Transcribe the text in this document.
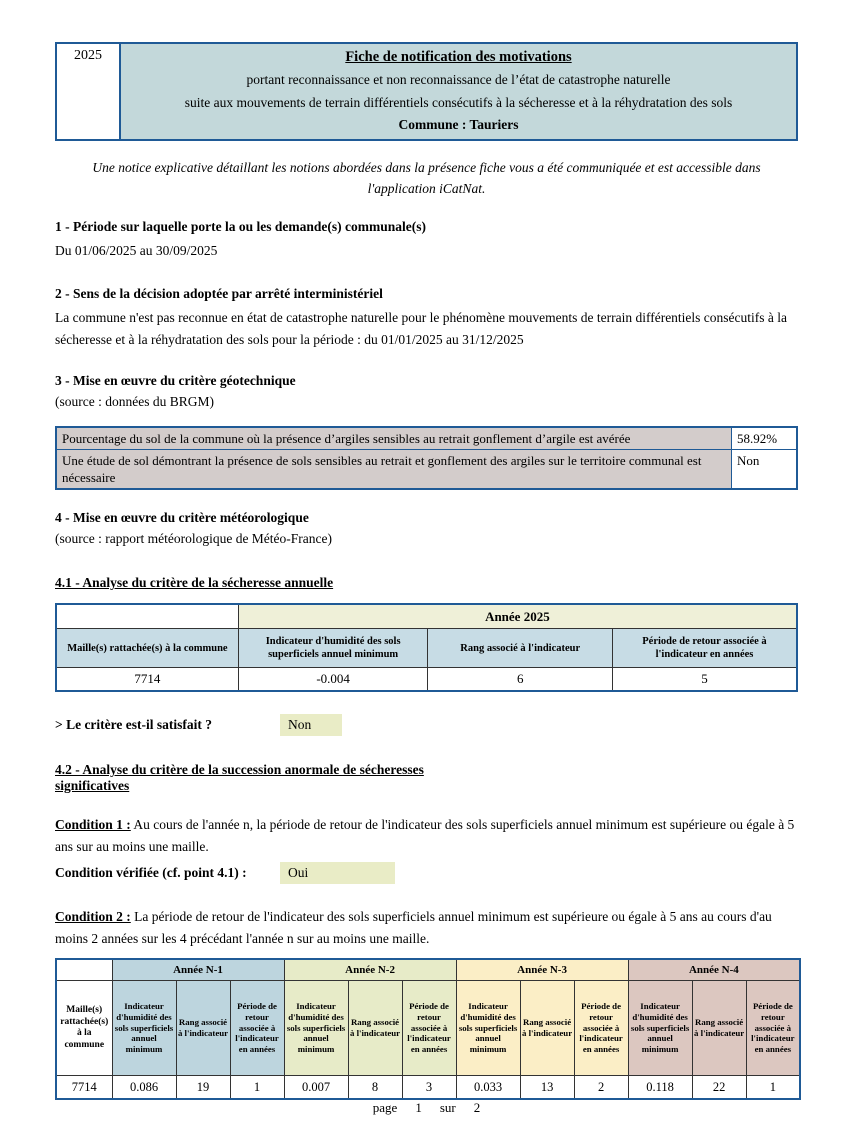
2025	Fiche de notification des motivations
portant reconnaissance et non reconnaissance de l’état de catastrophe naturelle
suite aux mouvements de terrain différentiels consécutifs à la sécheresse et à la réhydratation des sols
Commune : Tauriers
Une notice explicative détaillant les notions abordées dans la présence fiche vous a été communiquée et est accessible dans l'application iCatNat.
1 - Période sur laquelle porte la ou les demande(s) communale(s)
Du 01/06/2025 au 30/09/2025
2 - Sens de la décision adoptée par arrêté interministériel
La commune n'est pas reconnue en état de catastrophe naturelle pour le phénomène mouvements de terrain différentiels consécutifs à la sécheresse et à la réhydratation des sols pour la période : du 01/01/2025 au 31/12/2025
3 - Mise en œuvre du critère géotechnique
(source : données du BRGM)
Pourcentage du sol de la commune où la présence d’argiles sensibles au retrait gonflement d’argile est avérée	58.92%
Une étude de sol démontrant la présence de sols sensibles au retrait et gonflement des argiles sur le territoire communal est nécessaire	Non
4 - Mise en œuvre du critère météorologique
(source : rapport météorologique de Météo-France)
4.1 - Analyse du critère de la sécheresse annuelle
	Année 2025		
Maille(s) rattachée(s) à la commune	Indicateur d'humidité des sols superficiels annuel minimum	Rang associé à l'indicateur	Période de retour associée à l'indicateur en années
7714	-0.004	6	5
> Le critère est-il satisfait ?	Non
4.2 - Analyse du critère de la succession anormale de sécheresses
significatives
Condition 1 : Au cours de l'année n, la période de retour de l'indicateur des sols superficiels annuel minimum est supérieure ou égale à 5 ans sur au moins une maille.
Condition vérifiée (cf. point 4.1) :	Oui
Condition 2 : La période de retour de l'indicateur des sols superficiels annuel minimum est supérieure ou égale à 5 ans au cours d'au moins 2 années sur les 4 précédant l'année n sur au moins une maille.
	Année N-1			Année N-2			Année N-3			Année N-4		
Maille(s) rattachée(s) à la commune	Indicateur d'humidité des sols superficiels annuel minimum	Rang associé à l'indicateur	Période de retour associée à l'indicateur en années	Indicateur d'humidité des sols superficiels annuel minimum	Rang associé à l'indicateur	Période de retour associée à l'indicateur en années	Indicateur d'humidité des sols superficiels annuel minimum	Rang associé à l'indicateur	Période de retour associée à l'indicateur en années	Indicateur d'humidité des sols superficiels annuel minimum	Rang associé à l'indicateur	Période de retour associée à l'indicateur en années
7714	0.086	19	1	0.007	8	3	0.033	13	2	0.118	22	1
page 1 sur 2
